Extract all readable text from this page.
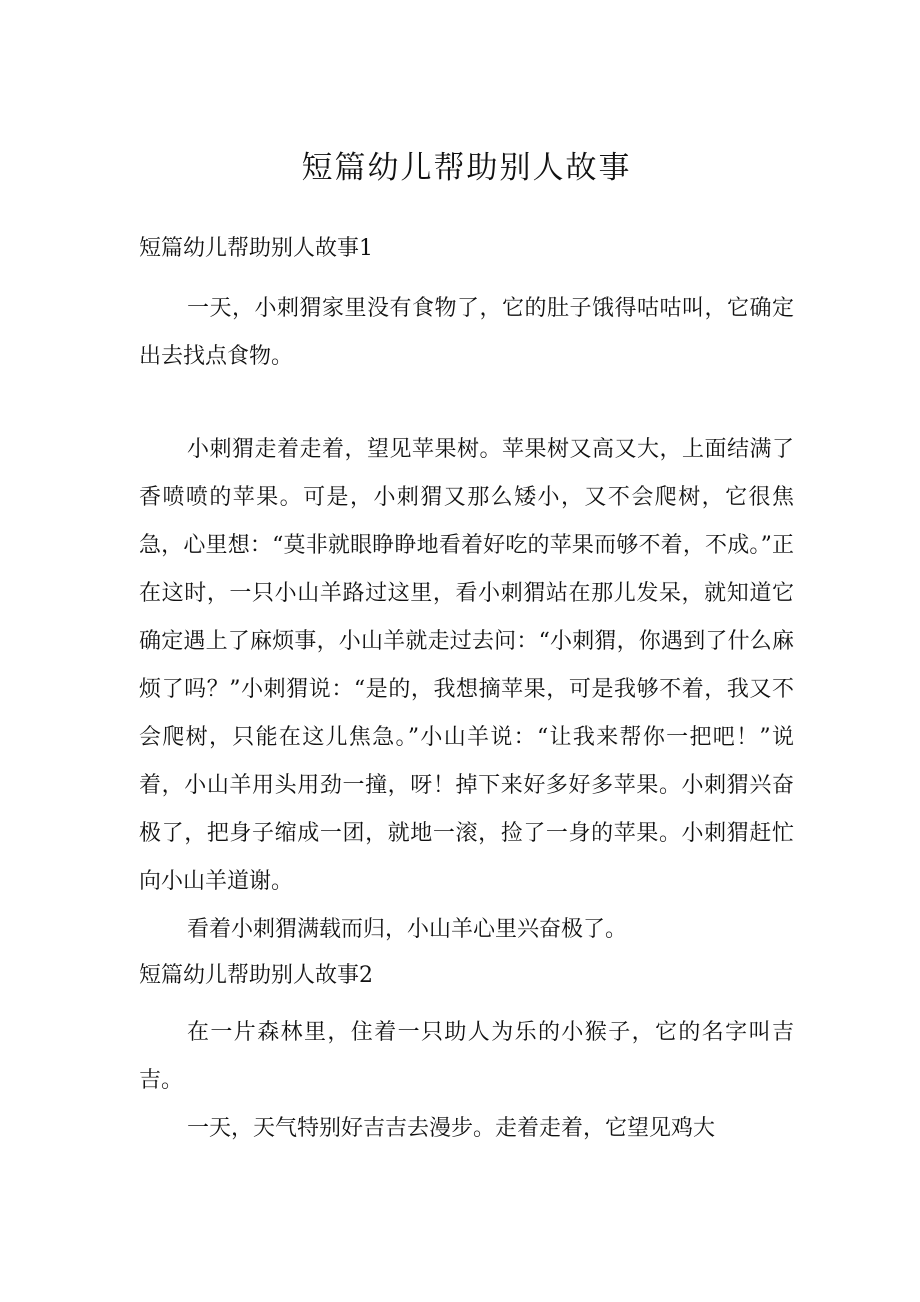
短篇幼儿帮助别人故事

短篇幼儿帮助别人故事1

一天，小刺猬家里没有食物了，它的肚子饿得咕咕叫，它确定出去找点食物。

小刺猬走着走着，望见苹果树。苹果树又高又大，上面结满了香喷喷的苹果。可是，小刺猬又那么矮小，又不会爬树，它很焦急，心里想：“莫非就眼睁睁地看着好吃的苹果而够不着，不成。”正在这时，一只小山羊路过这里，看小刺猬站在那儿发呆，就知道它确定遇上了麻烦事，小山羊就走过去问：“小刺猬，你遇到了什么麻烦了吗？”小刺猬说：“是的，我想摘苹果，可是我够不着，我又不会爬树，只能在这儿焦急。”小山羊说：“让我来帮你一把吧！”说着，小山羊用头用劲一撞，呀！掉下来好多好多苹果。小刺猬兴奋极了，把身子缩成一团，就地一滚，捡了一身的苹果。小刺猬赶忙向小山羊道谢。

看着小刺猬满载而归，小山羊心里兴奋极了。

短篇幼儿帮助别人故事2

在一片森林里，住着一只助人为乐的小猴子，它的名字叫吉吉。

一天，天气特别好吉吉去漫步。走着走着，它望见鸡大
